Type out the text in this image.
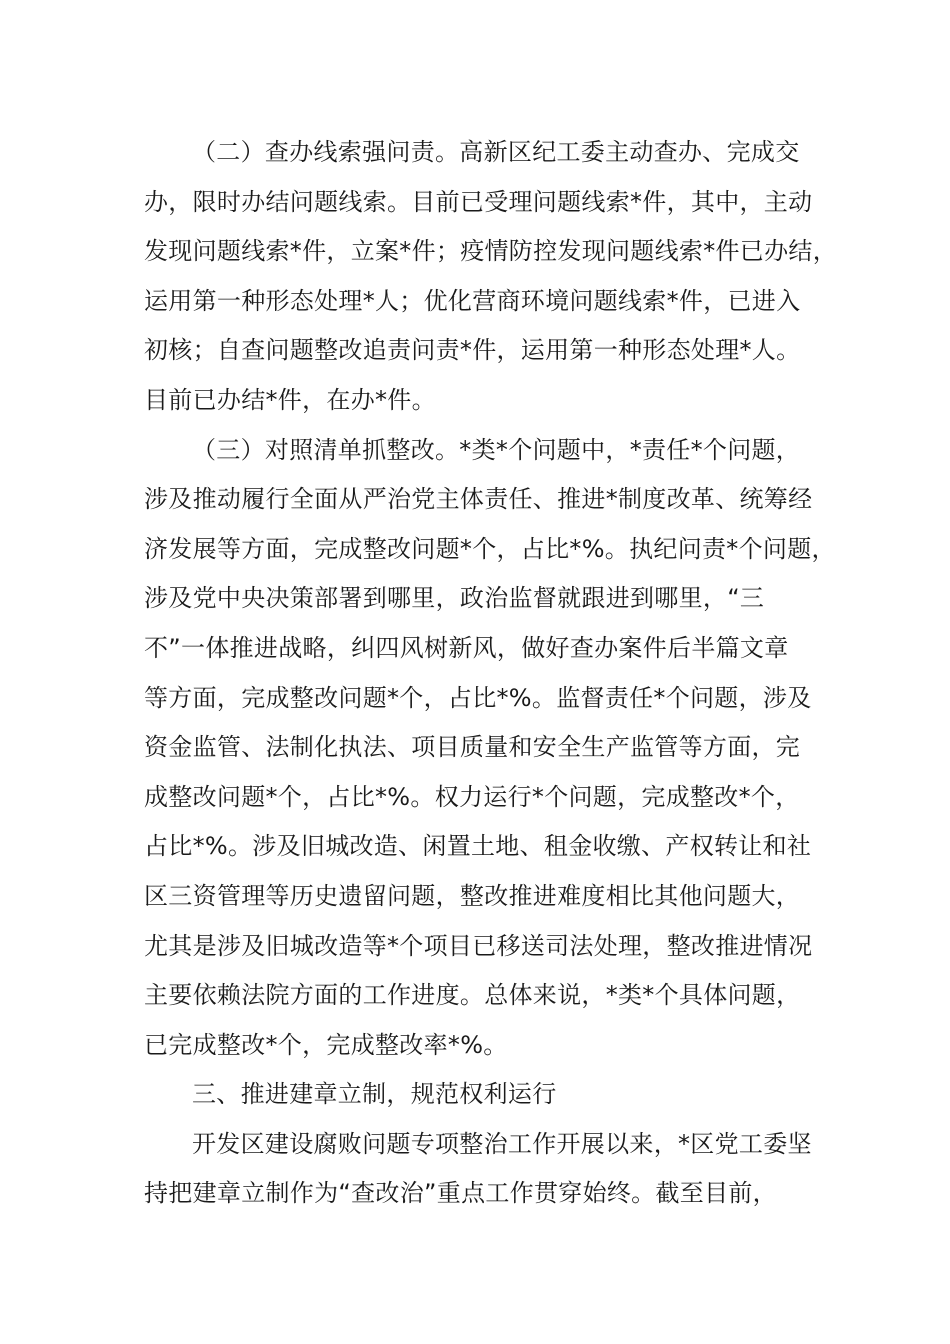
（二）查办线索强问责。高新区纪工委主动查办、完成交
办，限时办结问题线索。目前已受理问题线索*件，其中，主动
发现问题线索*件，立案*件；疫情防控发现问题线索*件已办结，
运用第一种形态处理*人；优化营商环境问题线索*件，已进入
初核；自查问题整改追责问责*件，运用第一种形态处理*人。
目前已办结*件，在办*件。
（三）对照清单抓整改。*类*个问题中，*责任*个问题，
涉及推动履行全面从严治党主体责任、推进*制度改革、统筹经
济发展等方面，完成整改问题*个，占比*%。执纪问责*个问题，
涉及党中央决策部署到哪里，政治监督就跟进到哪里，“三
不”一体推进战略，纠四风树新风，做好查办案件后半篇文章
等方面，完成整改问题*个，占比*%。监督责任*个问题，涉及
资金监管、法制化执法、项目质量和安全生产监管等方面，完
成整改问题*个，占比*%。权力运行*个问题，完成整改*个，
占比*%。涉及旧城改造、闲置土地、租金收缴、产权转让和社
区三资管理等历史遗留问题，整改推进难度相比其他问题大，
尤其是涉及旧城改造等*个项目已移送司法处理，整改推进情况
主要依赖法院方面的工作进度。总体来说，*类*个具体问题，
已完成整改*个，完成整改率*%。
三、推进建章立制，规范权利运行
开发区建设腐败问题专项整治工作开展以来，*区党工委坚
持把建章立制作为“查改治”重点工作贯穿始终。截至目前，
